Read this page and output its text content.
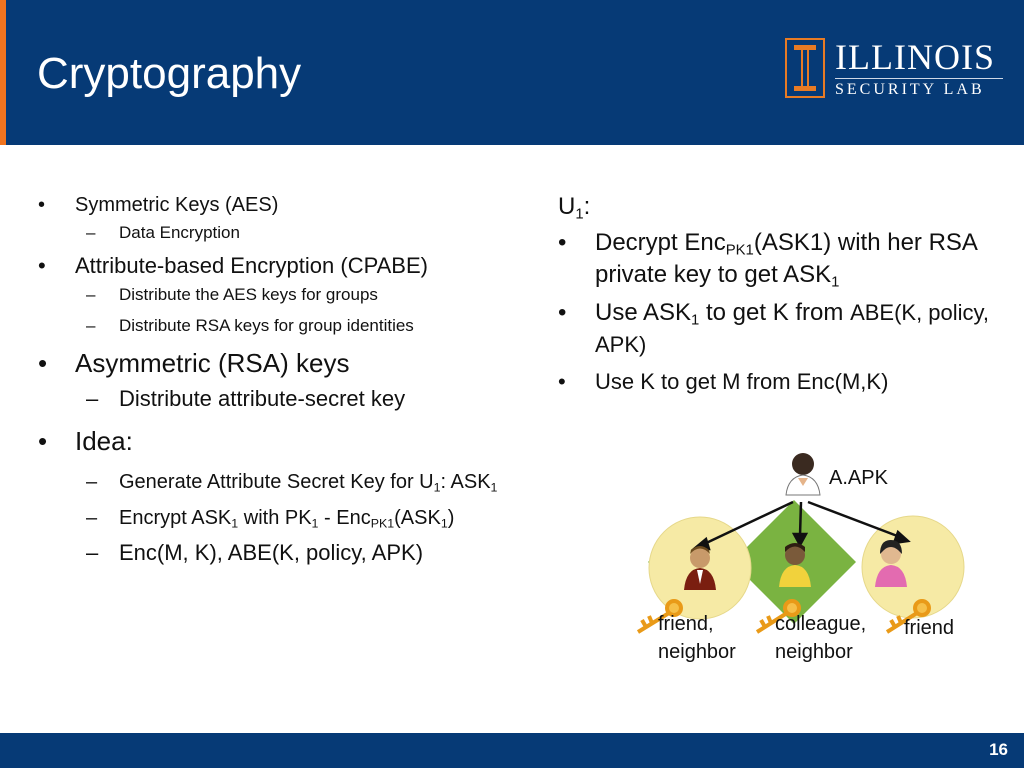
Cryptography	ILLINOIS
SECURITY LAB
• Symmetric Keys (AES)
– Data Encryption
• Attribute-based Encryption (CPABE)
– Distribute the AES keys for groups
– Distribute RSA keys for group identities
• Asymmetric (RSA) keys
– Distribute attribute-secret key
• Idea:
– Generate Attribute Secret Key for $U_1$: $ASK_1$
– Encrypt $ASK_1$ with $PK_1 - Enc_{PK1}(ASK_1)$
– Enc(M, K), ABE(K, policy, APK)
$U_1$:
• Decrypt Enc$_{PK1}$(ASK1) with her RSA private key to get $ASK_1$
• Use $ASK_1$ to get K from ABE(K, policy, APK)
• Use K to get M from Enc(M,K)
A.APK
friend,
neighbor
colleague,
neighbor
friend
16
